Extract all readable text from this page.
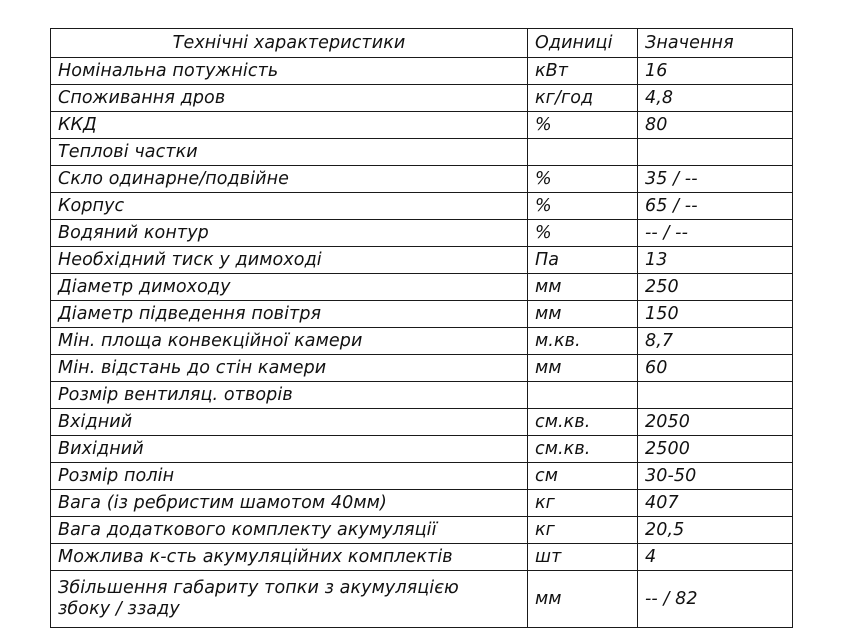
Технічні характеристики	Одиниці	Значення
Номінальна потужність	кВт	16
Споживання дров	кг/год	4,8
ККД	%	80
Теплові частки		
Скло одинарне/подвійне	%	35 / --
Корпус	%	65 / --
Водяний контур	%	-- / --
Необхідний тиск у димоході	Па	13
Діаметр димоходу	мм	250
Діаметр підведення повітря	мм	150
Мін. площа конвекційної камери	м.кв.	8,7
Мін. відстань до стін камери	мм	60
Розмір вентиляц. отворів		
Вхідний	см.кв.	2050
Вихідний	см.кв.	2500
Розмір полін	см	30-50
Вага (із ребристим шамотом 40мм)	кг	407
Вага додаткового комплекту акумуляції	кг	20,5
Можлива к-сть акумуляційних комплектів	шт	4

Збільшення габариту топки з акумуляцією
збоку / ззаду	мм	-- / 82
